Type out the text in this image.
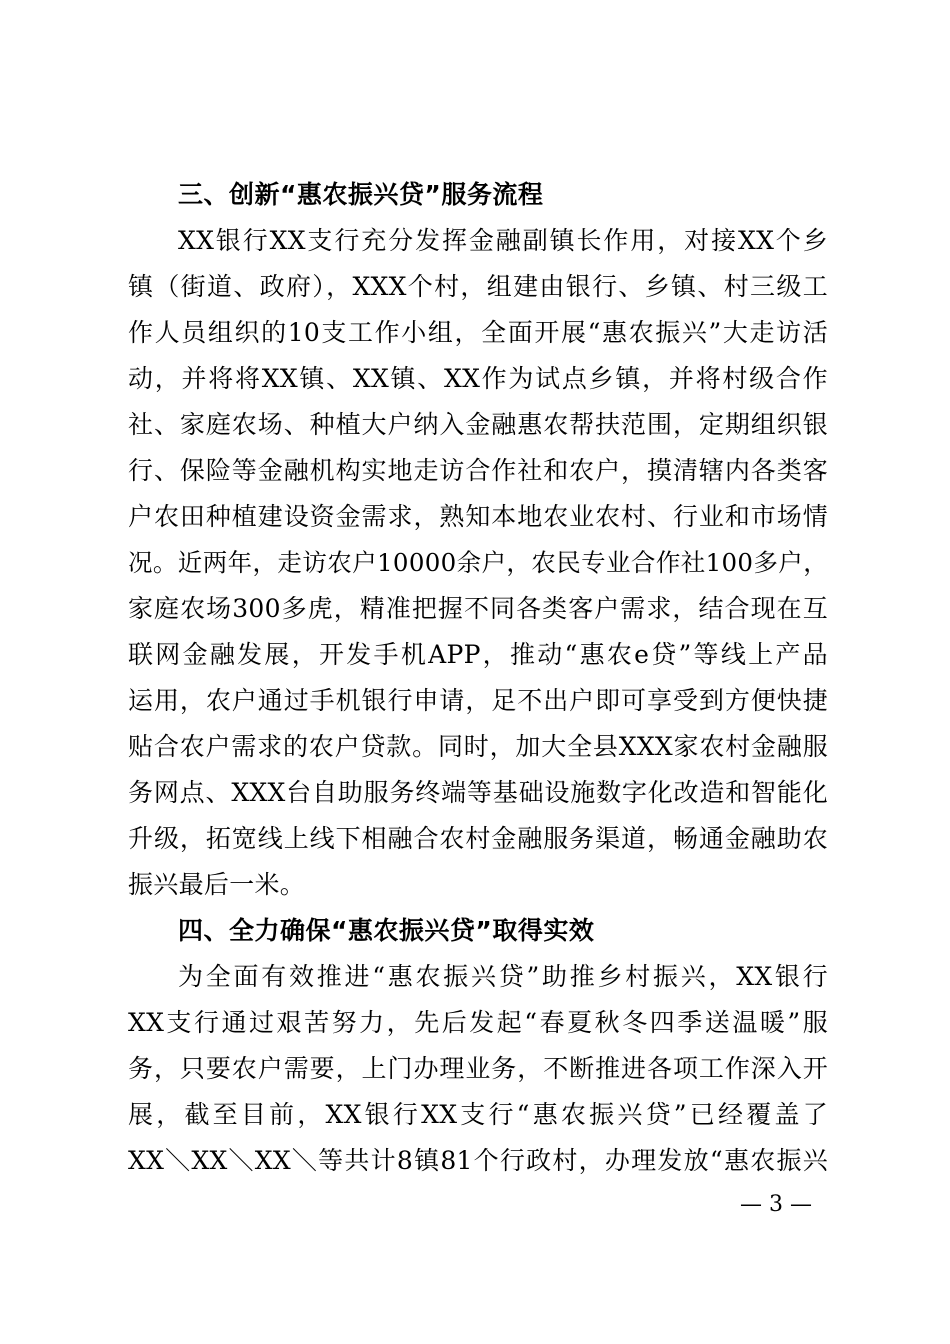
三、创新“惠农振兴贷”服务流程
XX银行XX支行充分发挥金融副镇长作用，对接XX个乡
镇（街道、政府），XXX个村，组建由银行、乡镇、村三级工
作人员组织的10支工作小组，全面开展“惠农振兴”大走访活
动，并将将XX镇、XX镇、XX作为试点乡镇，并将村级合作
社、家庭农场、种植大户纳入金融惠农帮扶范围，定期组织银
行、保险等金融机构实地走访合作社和农户，摸清辖内各类客
户农田种植建设资金需求，熟知本地农业农村、行业和市场情
况。近两年，走访农户10000余户，农民专业合作社100多户，
家庭农场300多虎，精准把握不同各类客户需求，结合现在互
联网金融发展，开发手机APP，推动“惠农e贷”等线上产品
运用，农户通过手机银行申请，足不出户即可享受到方便快捷
贴合农户需求的农户贷款。同时，加大全县XXX家农村金融服
务网点、XXX台自助服务终端等基础设施数字化改造和智能化
升级，拓宽线上线下相融合农村金融服务渠道，畅通金融助农
振兴最后一米。
四、全力确保“惠农振兴贷”取得实效
为全面有效推进“惠农振兴贷”助推乡村振兴，XX银行
XX支行通过艰苦努力，先后发起“春夏秋冬四季送温暖”服
务，只要农户需要，上门办理业务，不断推进各项工作深入开
展，截至目前，XX银行XX支行“惠农振兴贷”已经覆盖了
XX＼XX＼XX＼等共计8镇81个行政村，办理发放“惠农振兴
— 3 —
